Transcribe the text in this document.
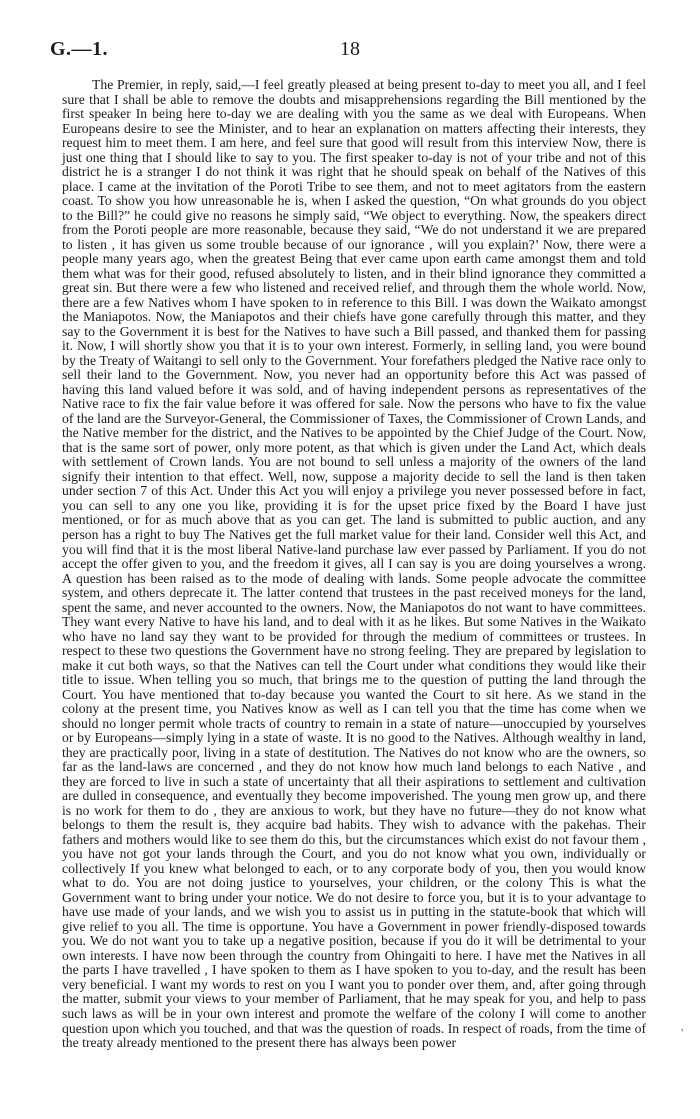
G.—1.	18

The Premier, in reply, said,—I feel greatly pleased at being present to-day to meet you all, and I feel sure that I shall be able to remove the doubts and misapprehensions regarding the Bill mentioned by the first speaker In being here to-day we are dealing with you the same as we deal with Europeans. When Europeans desire to see the Minister, and to hear an explanation on matters affecting their interests, they request him to meet them. I am here, and feel sure that good will result from this interview Now, there is just one thing that I should like to say to you. The first speaker to-day is not of your tribe and not of this district he is a stranger I do not think it was right that he should speak on behalf of the Natives of this place. I came at the invitation of the Poroti Tribe to see them, and not to meet agitators from the eastern coast. To show you how unreasonable he is, when I asked the question, “On what grounds do you object to the Bill?” he could give no reasons he simply said, “We object to everything. Now, the speakers direct from the Poroti people are more reasonable, because they said, “We do not understand it we are prepared to listen , it has given us some trouble because of our ignorance , will you explain?’ Now, there were a people many years ago, when the greatest Being that ever came upon earth came amongst them and told them what was for their good, refused absolutely to listen, and in their blind ignorance they committed a great sin. But there were a few who listened and received relief, and through them the whole world. Now, there are a few Natives whom I have spoken to in reference to this Bill. I was down the Waikato amongst the Maniapotos. Now, the Maniapotos and their chiefs have gone carefully through this matter, and they say to the Government it is best for the Natives to have such a Bill passed, and thanked them for passing it. Now, I will shortly show you that it is to your own interest. Formerly, in selling land, you were bound by the Treaty of Waitangi to sell only to the Government. Your forefathers pledged the Native race only to sell their land to the Government. Now, you never had an opportunity before this Act was passed of having this land valued before it was sold, and of having independent persons as representatives of the Native race to fix the fair value before it was offered for sale. Now the persons who have to fix the value of the land are the Surveyor-General, the Commissioner of Taxes, the Commissioner of Crown Lands, and the Native member for the district, and the Natives to be appointed by the Chief Judge of the Court. Now, that is the same sort of power, only more potent, as that which is given under the Land Act, which deals with settlement of Crown lands. You are not bound to sell unless a majority of the owners of the land signify their intention to that effect. Well, now, suppose a majority decide to sell the land is then taken under section 7 of this Act. Under this Act you will enjoy a privilege you never possessed before in fact, you can sell to any one you like, providing it is for the upset price fixed by the Board I have just mentioned, or for as much above that as you can get. The land is submitted to public auction, and any person has a right to buy The Natives get the full market value for their land. Consider well this Act, and you will find that it is the most liberal Native-land purchase law ever passed by Parliament. If you do not accept the offer given to you, and the freedom it gives, all I can say is you are doing yourselves a wrong. A question has been raised as to the mode of dealing with lands. Some people advocate the committee system, and others deprecate it. The latter contend that trustees in the past received moneys for the land, spent the same, and never accounted to the owners. Now, the Maniapotos do not want to have committees. They want every Native to have his land, and to deal with it as he likes. But some Natives in the Waikato who have no land say they want to be provided for through the medium of committees or trustees. In respect to these two questions the Government have no strong feeling. They are prepared by legislation to make it cut both ways, so that the Natives can tell the Court under what conditions they would like their title to issue. When telling you so much, that brings me to the question of putting the land through the Court. You have mentioned that to-day because you wanted the Court to sit here. As we stand in the colony at the present time, you Natives know as well as I can tell you that the time has come when we should no longer permit whole tracts of country to remain in a state of nature—unoccupied by yourselves or by Europeans—simply lying in a state of waste. It is no good to the Natives. Although wealthy in land, they are practically poor, living in a state of destitution. The Natives do not know who are the owners, so far as the land-laws are concerned , and they do not know how much land belongs to each Native , and they are forced to live in such a state of uncertainty that all their aspirations to settlement and cultivation are dulled in consequence, and eventually they become impoverished. The young men grow up, and there is no work for them to do , they are anxious to work, but they have no future—they do not know what belongs to them the result is, they acquire bad habits. They wish to advance with the pakehas. Their fathers and mothers would like to see them do this, but the circumstances which exist do not favour them , you have not got your lands through the Court, and you do not know what you own, individually or collectively If you knew what belonged to each, or to any corporate body of you, then you would know what to do. You are not doing justice to yourselves, your children, or the colony This is what the Government want to bring under your notice. We do not desire to force you, but it is to your advantage to have use made of your lands, and we wish you to assist us in putting in the statute-book that which will give relief to you all. The time is opportune. You have a Government in power friendly-disposed towards you. We do not want you to take up a negative position, because if you do it will be detrimental to your own interests. I have now been through the country from Ohingaiti to here. I have met the Natives in all the parts I have travelled , I have spoken to them as I have spoken to you to-day, and the result has been very beneficial. I want my words to rest on you I want you to ponder over them, and, after going through the matter, submit your views to your member of Parliament, that he may speak for you, and help to pass such laws as will be in your own interest and promote the welfare of the colony I will come to another question upon which you touched, and that was the question of roads. In respect of roads, from the time of the treaty already mentioned to the present there has always been power

,
